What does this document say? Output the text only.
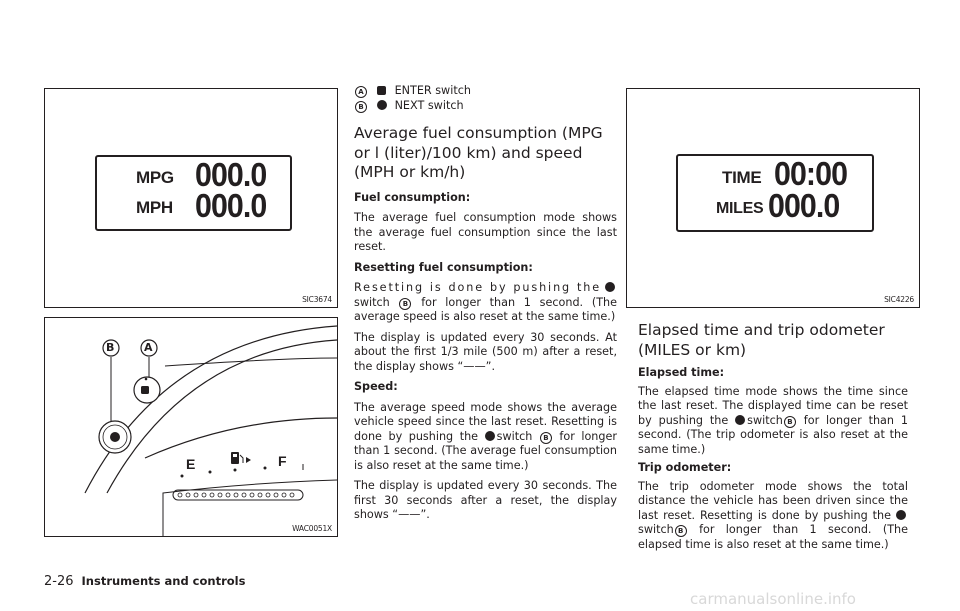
MPG 000.0
MPH 000.0
SIC3674
B	A
E	F
WAC0051X
A	ENTER switch
B	NEXT switch
Average fuel consumption (MPG or l (liter)/100 km) and speed (MPH or km/h)

Fuel consumption:

The average fuel consumption mode shows the average fuel consumption since the last reset.

Resetting fuel consumption:

Resetting is done by pushing the switch B for longer than 1 second. (The average speed is also reset at the same time.)

The display is updated every 30 seconds. At about the first 1/3 mile (500 m) after a reset, the display shows “——”.

Speed:

The average speed mode shows the average vehicle speed since the last reset. Resetting is done by pushing the switch B for longer than 1 second. (The average fuel consumption is also reset at the same time.)

The display is updated every 30 seconds. The first 30 seconds after a reset, the display shows “——”.

TIME 00:00
MILES 000.0
SIC4226
Elapsed time and trip odometer (MILES or km)

Elapsed time:

The elapsed time mode shows the time since the last reset. The displayed time can be reset by pushing the switch B for longer than 1 second. (The trip odometer is also reset at the same time.)

Trip odometer:

The trip odometer mode shows the total distance the vehicle has been driven since the last reset. Resetting is done by pushing the switch B for longer than 1 second. (The elapsed time is also reset at the same time.)

2-26 Instruments and controls
carmanualsonline.info
